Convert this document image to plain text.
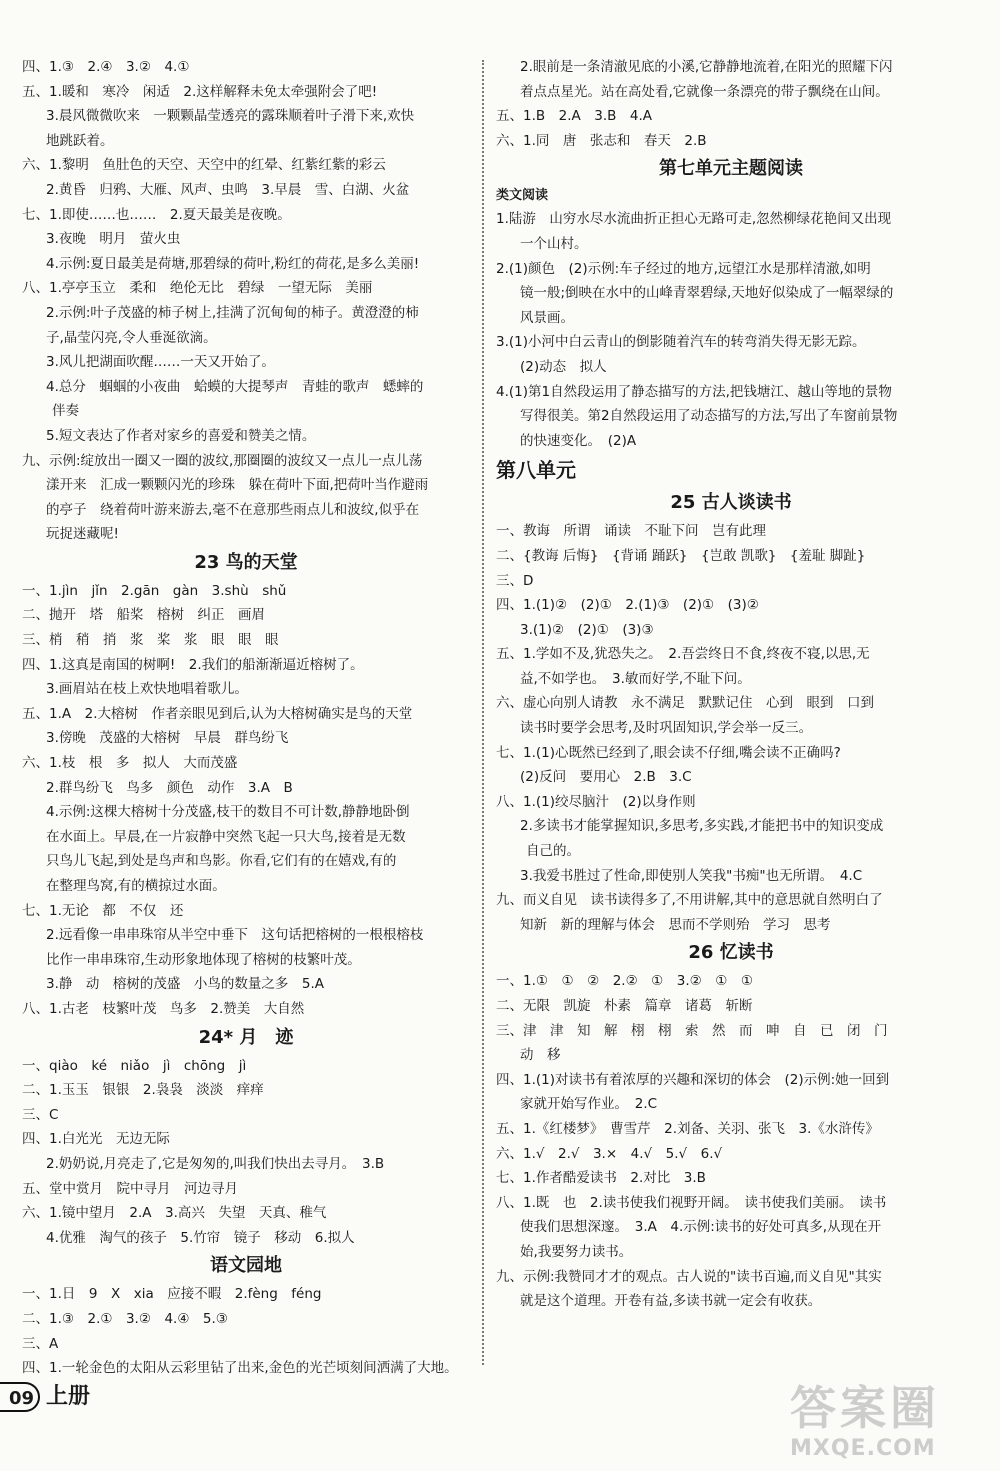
四、1.③　2.④　3.②　4.①
五、1.暖和　寒冷　闲适　2.这样解释未免太牵强附会了吧!
3.晨风微微吹来　一颗颗晶莹透亮的露珠顺着叶子滑下来,欢快
地跳跃着。
六、1.黎明　鱼肚色的天空、天空中的红晕、红紫红紫的彩云
2.黄昏　归鸦、大雁、风声、虫鸣　3.早晨　雪、白湖、火盆
七、1.即使……也……　2.夏天最美是夜晚。
3.夜晚　明月　萤火虫
4.示例:夏日最美是荷塘,那碧绿的荷叶,粉红的荷花,是多么美丽!
八、1.亭亭玉立　柔和　绝伦无比　碧绿　一望无际　美丽
2.示例:叶子茂盛的柿子树上,挂满了沉甸甸的柿子。黄澄澄的柿
子,晶莹闪亮,令人垂涎欲滴。
3.风儿把湖面吹醒……一天又开始了。
4.总分　蝈蝈的小夜曲　蛤蟆的大提琴声　青蛙的歌声　蟋蟀的
伴奏
5.短文表达了作者对家乡的喜爱和赞美之情。
九、示例:绽放出一圈又一圈的波纹,那圈圈的波纹又一点儿一点儿荡
漾开来　汇成一颗颗闪光的珍珠　躲在荷叶下面,把荷叶当作避雨
的亭子　绕着荷叶游来游去,毫不在意那些雨点儿和波纹,似乎在
玩捉迷藏呢!
23 鸟的天堂
一、1.jìn　jǐn　2.gān　gàn　3.shù　shǔ
二、抛开　塔　船桨　榕树　纠正　画眉
三、梢　稍　捎　浆　桨　浆　眼　眼　眼
四、1.这真是南国的树啊!　2.我们的船渐渐逼近榕树了。
3.画眉站在枝上欢快地唱着歌儿。
五、1.A　2.大榕树　作者亲眼见到后,认为大榕树确实是鸟的天堂
3.傍晚　茂盛的大榕树　早晨　群鸟纷飞
六、1.枝　根　多　拟人　大而茂盛
2.群鸟纷飞　鸟多　颜色　动作　3.A　B
4.示例:这棵大榕树十分茂盛,枝干的数目不可计数,静静地卧倒
在水面上。早晨,在一片寂静中突然飞起一只大鸟,接着是无数
只鸟儿飞起,到处是鸟声和鸟影。你看,它们有的在嬉戏,有的
在整理鸟窝,有的横掠过水面。
七、1.无论　都　不仅　还
2.远看像一串串珠帘从半空中垂下　这句话把榕树的一根根榕枝
比作一串串珠帘,生动形象地体现了榕树的枝繁叶茂。
3.静　动　榕树的茂盛　小鸟的数量之多　5.A
八、1.古老　枝繁叶茂　鸟多　2.赞美　大自然
24* 月　迹
一、qiào　ké　niǎo　jì　chōng　jì
二、1.玉玉　银银　2.袅袅　淡淡　痒痒
三、C
四、1.白光光　无边无际
2.奶奶说,月亮走了,它是匆匆的,叫我们快出去寻月。　3.B
五、堂中赏月　院中寻月　河边寻月
六、1.镜中望月　2.A　3.高兴　失望　天真、稚气
4.优雅　淘气的孩子　5.竹帘　镜子　移动　6.拟人
语文园地
一、1.日　9　X　xia　应接不暇　2.fèng　féng
二、1.③　2.①　3.②　4.④　5.③
三、A
四、1.一轮金色的太阳从云彩里钻了出来,金色的光芒顷刻间洒满了大地。
2.眼前是一条清澈见底的小溪,它静静地流着,在阳光的照耀下闪
着点点星光。站在高处看,它就像一条漂亮的带子飘绕在山间。
五、1.B　2.A　3.B　4.A
六、1.同　唐　张志和　春天　2.B
第七单元主题阅读
类文阅读
1.陆游　山穷水尽水流曲折正担心无路可走,忽然柳绿花艳间又出现
一个山村。
2.(1)颜色　(2)示例:车子经过的地方,远望江水是那样清澈,如明
镜一般;倒映在水中的山峰青翠碧绿,天地好似染成了一幅翠绿的
风景画。
3.(1)小河中白云青山的倒影随着汽车的转弯消失得无影无踪。
(2)动态　拟人
4.(1)第1自然段运用了静态描写的方法,把钱塘江、越山等地的景物
写得很美。第2自然段运用了动态描写的方法,写出了车窗前景物
的快速变化。　(2)A
第八单元
25 古人谈读书
一、教诲　所谓　诵读　不耻下问　岂有此理
二、{教诲 后悔}　{背诵 踊跃}　{岂敢 凯歌}　{羞耻 脚趾}
三、D
四、1.(1)②　(2)①　2.(1)③　(2)①　(3)②
3.(1)②　(2)①　(3)③
五、1.学如不及,犹恐失之。　2.吾尝终日不食,终夜不寝,以思,无
益,不如学也。　3.敏而好学,不耻下问。
六、虚心向别人请教　永不满足　默默记住　心到　眼到　口到
读书时要学会思考,及时巩固知识,学会举一反三。
七、1.(1)心既然已经到了,眼会读不仔细,嘴会读不正确吗?
(2)反问　要用心　2.B　3.C
八、1.(1)绞尽脑汁　(2)以身作则
2.多读书才能掌握知识,多思考,多实践,才能把书中的知识变成
自己的。
3.我爱书胜过了性命,即使别人笑我"书痴"也无所谓。　4.C
九、而义自见　读书读得多了,不用讲解,其中的意思就自然明白了
知新　新的理解与体会　思而不学则殆　学习　思考
26 忆读书
一、1.①　①　②　2.②　①　3.②　①　①
二、无限　凯旋　朴素　篇章　诸葛　斩断
三、津　津　知　解　栩　栩　索　然　而　呻　自　已　闭　门
动　移
四、1.(1)对读书有着浓厚的兴趣和深切的体会　(2)示例:她一回到
家就开始写作业。　2.C
五、1.《红楼梦》　曹雪芹　2.刘备、关羽、张飞　3.《水浒传》
六、1.√　2.√　3.×　4.√　5.√　6.√
七、1.作者酷爱读书　2.对比　3.B
八、1.既　也　2.读书使我们视野开阔。　读书使我们美丽。　读书
使我们思想深邃。　3.A　4.示例:读书的好处可真多,从现在开
始,我要努力读书。
九、示例:我赞同才才的观点。古人说的"读书百遍,而义自见"其实
就是这个道理。开卷有益,多读书就一定会有收获。
09 上册	答案圈
MXQE.COM
